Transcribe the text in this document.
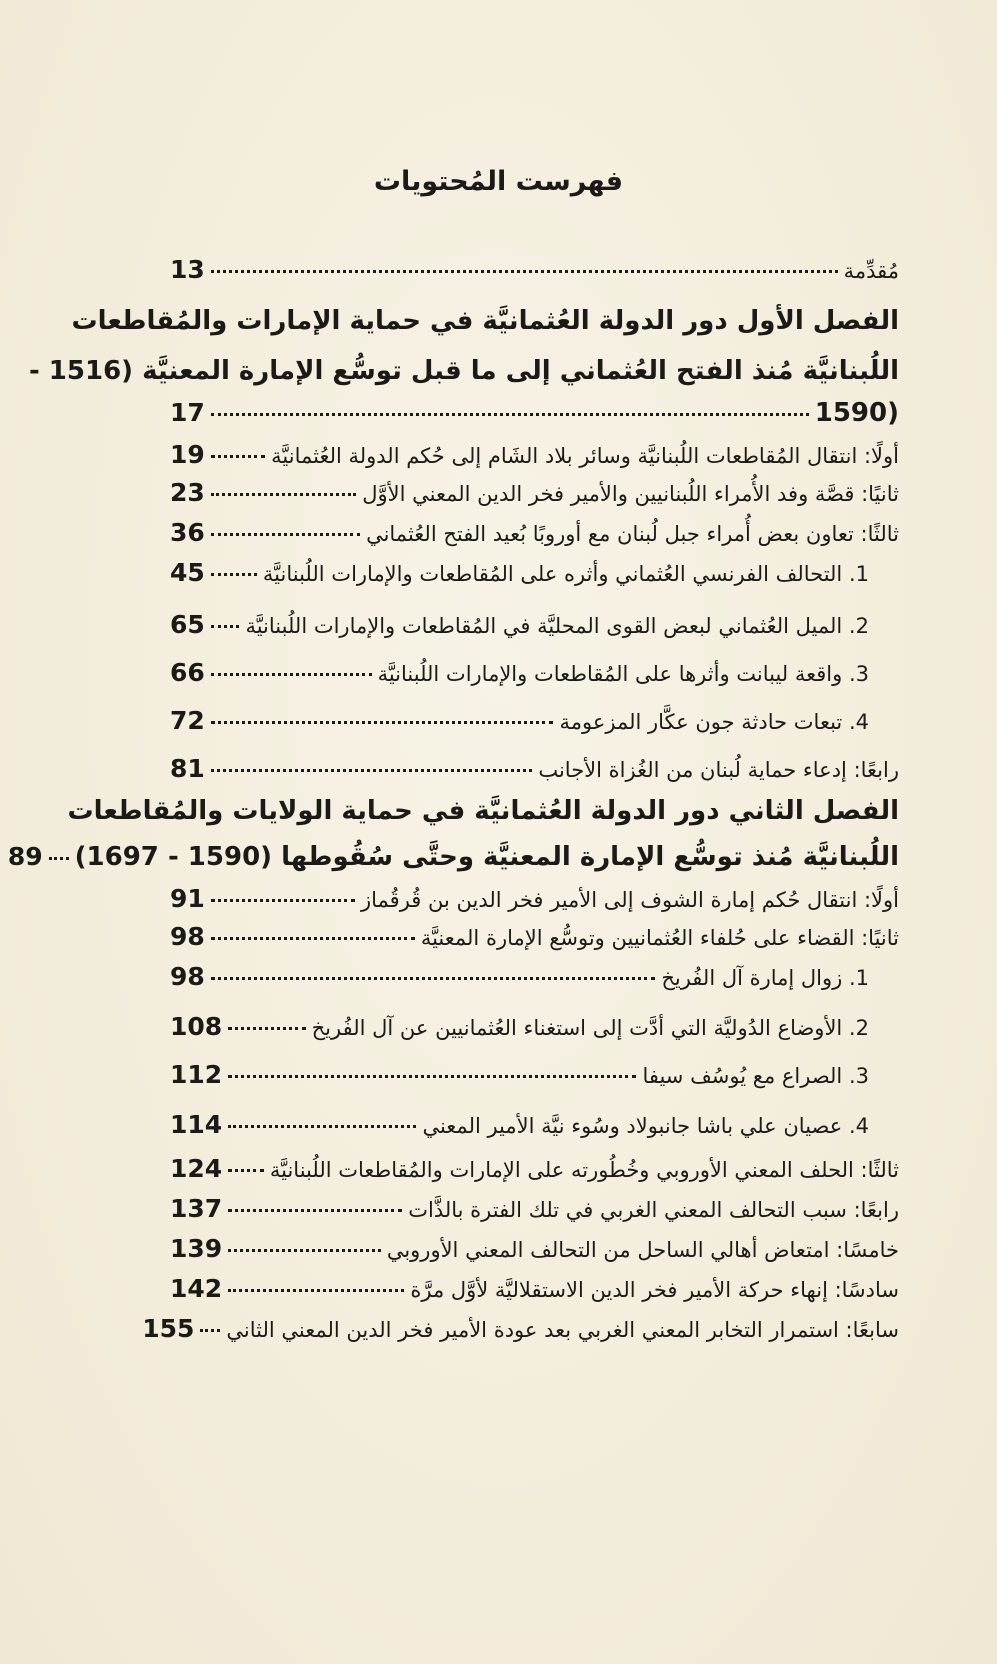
فهرست المُحتويات
مُقدِّمة
13
الفصل الأول دور الدولة العُثمانيَّة في حماية الإمارات والمُقاطعات
اللُبنانيَّة مُنذ الفتح العُثماني إلى ما قبل توسُّع الإمارة المعنيَّة (1516 -
(1590
17
أولًا: انتقال المُقاطعات اللُبنانيَّة وسائر بلاد الشَام إلى حُكم الدولة العُثمانيَّة
19
ثانيًا: قصَّة وفد الأُمراء اللُبنانيين والأمير فخر الدين المعني الأوَّل
23
ثالثًا: تعاون بعض أُمراء جبل لُبنان مع أوروبًا بُعيد الفتح العُثماني
36
1. التحالف الفرنسي العُثماني وأثره على المُقاطعات والإمارات اللُبنانيَّة
45
2. الميل العُثماني لبعض القوى المحليَّة في المُقاطعات والإمارات اللُبنانيَّة
65
3. واقعة ليبانت وأثرها على المُقاطعات والإمارات اللُبنانيَّة
66
4. تبعات حادثة جون عكَّار المزعومة
72
رابعًا: إدعاء حماية لُبنان من الغُزاة الأجانب
81
الفصل الثاني دور الدولة العُثمانيَّة في حماية الولايات والمُقاطعات
اللُبنانيَّة مُنذ توسُّع الإمارة المعنيَّة وحتَّى سُقُوطها (1590 - 1697)
89
أولًا: انتقال حُكم إمارة الشوف إلى الأمير فخر الدين بن قُرقُماز
91
ثانيًا: القضاء على حُلفاء العُثمانيين وتوسُّع الإمارة المعنيَّة
98
1. زوال إمارة آل الفُريخ
98
2. الأوضاع الدُوليَّة التي أدَّت إلى استغناء العُثمانيين عن آل الفُريخ
108
3. الصراع مع يُوسُف سيفا
112
4. عصيان علي باشا جانبولاد وسُوء نيَّة الأمير المعني
114
ثالثًا: الحلف المعني الأوروبي وخُطُورته على الإمارات والمُقاطعات اللُبنانيَّة
124
رابعًا: سبب التحالف المعني الغربي في تلك الفترة بالذَّات
137
خامسًا: امتعاض أهالي الساحل من التحالف المعني الأوروبي
139
سادسًا: إنهاء حركة الأمير فخر الدين الاستقلاليَّة لأوَّل مرَّة
142
سابعًا: استمرار التخابر المعني الغربي بعد عودة الأمير فخر الدين المعني الثاني
155
